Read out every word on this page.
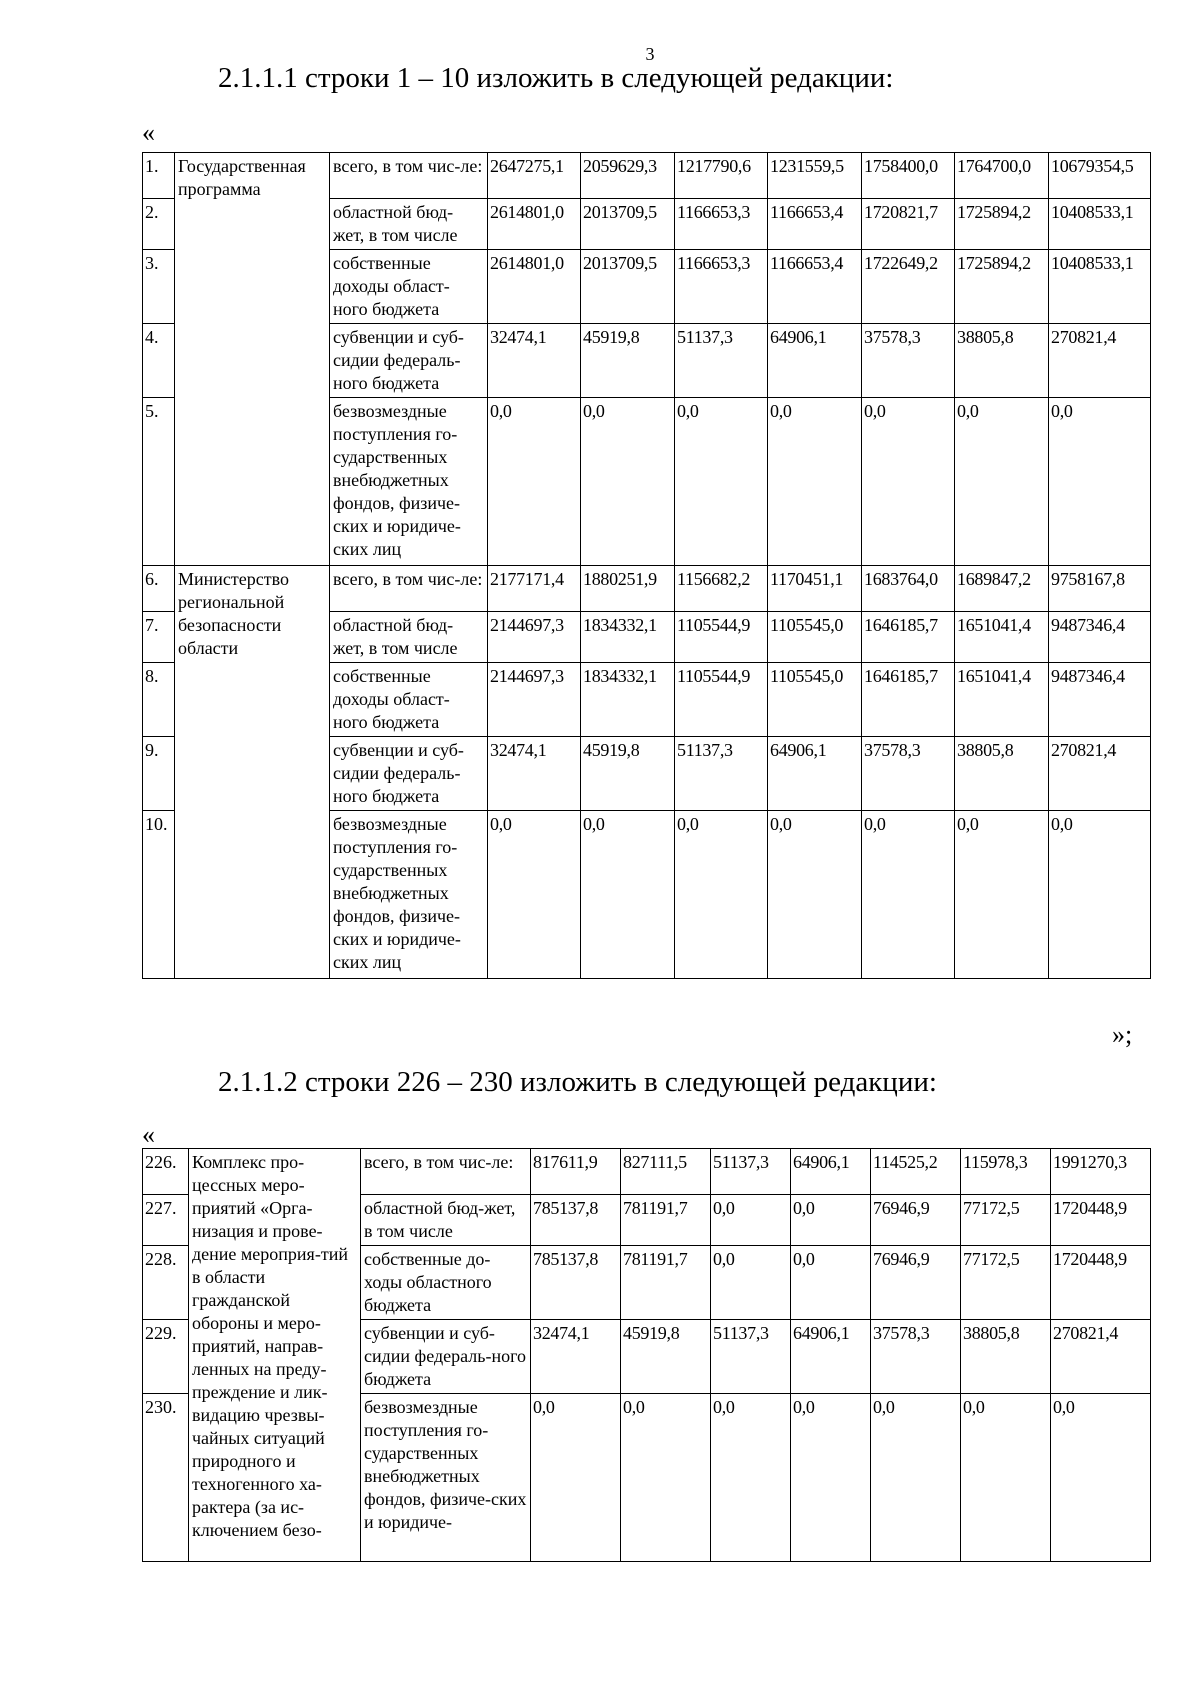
3
2.1.1.1 строки 1 – 10 изложить в следующей редакции:
«
1.	Государственная программа	всего, в том чис-ле:	2647275,1	2059629,3	1217790,6	1231559,5	1758400,0	1764700,0	10679354,5
2.		областной бюд-жет, в том числе	2614801,0	2013709,5	1166653,3	1166653,4	1720821,7	1725894,2	10408533,1
3.		собственные доходы област-ного бюджета	2614801,0	2013709,5	1166653,3	1166653,4	1722649,2	1725894,2	10408533,1
4.		субвенции и суб-сидии федераль-ного бюджета	32474,1	45919,8	51137,3	64906,1	37578,3	38805,8	270821,4
5.		безвозмездные поступления го-сударственных внебюджетных фондов, физиче-ских и юридиче-ских лиц	0,0	0,0	0,0	0,0	0,0	0,0	0,0
6.	Министерство региональной безопасности области	всего, в том чис-ле:	2177171,4	1880251,9	1156682,2	1170451,1	1683764,0	1689847,2	9758167,8
7.		областной бюд-жет, в том числе	2144697,3	1834332,1	1105544,9	1105545,0	1646185,7	1651041,4	9487346,4
8.		собственные доходы област-ного бюджета	2144697,3	1834332,1	1105544,9	1105545,0	1646185,7	1651041,4	9487346,4
9.		субвенции и суб-сидии федераль-ного бюджета	32474,1	45919,8	51137,3	64906,1	37578,3	38805,8	270821,4
10.		безвозмездные поступления го-сударственных внебюджетных фондов, физиче-ских и юридиче-ских лиц	0,0	0,0	0,0	0,0	0,0	0,0	0,0
»;
2.1.1.2 строки 226 – 230 изложить в следующей редакции:
«
226.	Комплекс про-цессных меро-приятий «Орга-низация и прове-дение мероприя-тий в области гражданской обороны и меро-приятий, направ-ленных на преду-преждение и лик-видацию чрезвы-чайных ситуаций природного и техногенного ха-рактера (за ис-ключением безо-	всего, в том чис-ле:	817611,9	827111,5	51137,3	64906,1	114525,2	115978,3	1991270,3
227.		областной бюд-жет, в том числе	785137,8	781191,7	0,0	0,0	76946,9	77172,5	1720448,9
228.		собственные до-ходы областного бюджета	785137,8	781191,7	0,0	0,0	76946,9	77172,5	1720448,9
229.		субвенции и суб-сидии федераль-ного бюджета	32474,1	45919,8	51137,3	64906,1	37578,3	38805,8	270821,4
230.		безвозмездные поступления го-сударственных внебюджетных фондов, физиче-ских и юридиче-	0,0	0,0	0,0	0,0	0,0	0,0	0,0
